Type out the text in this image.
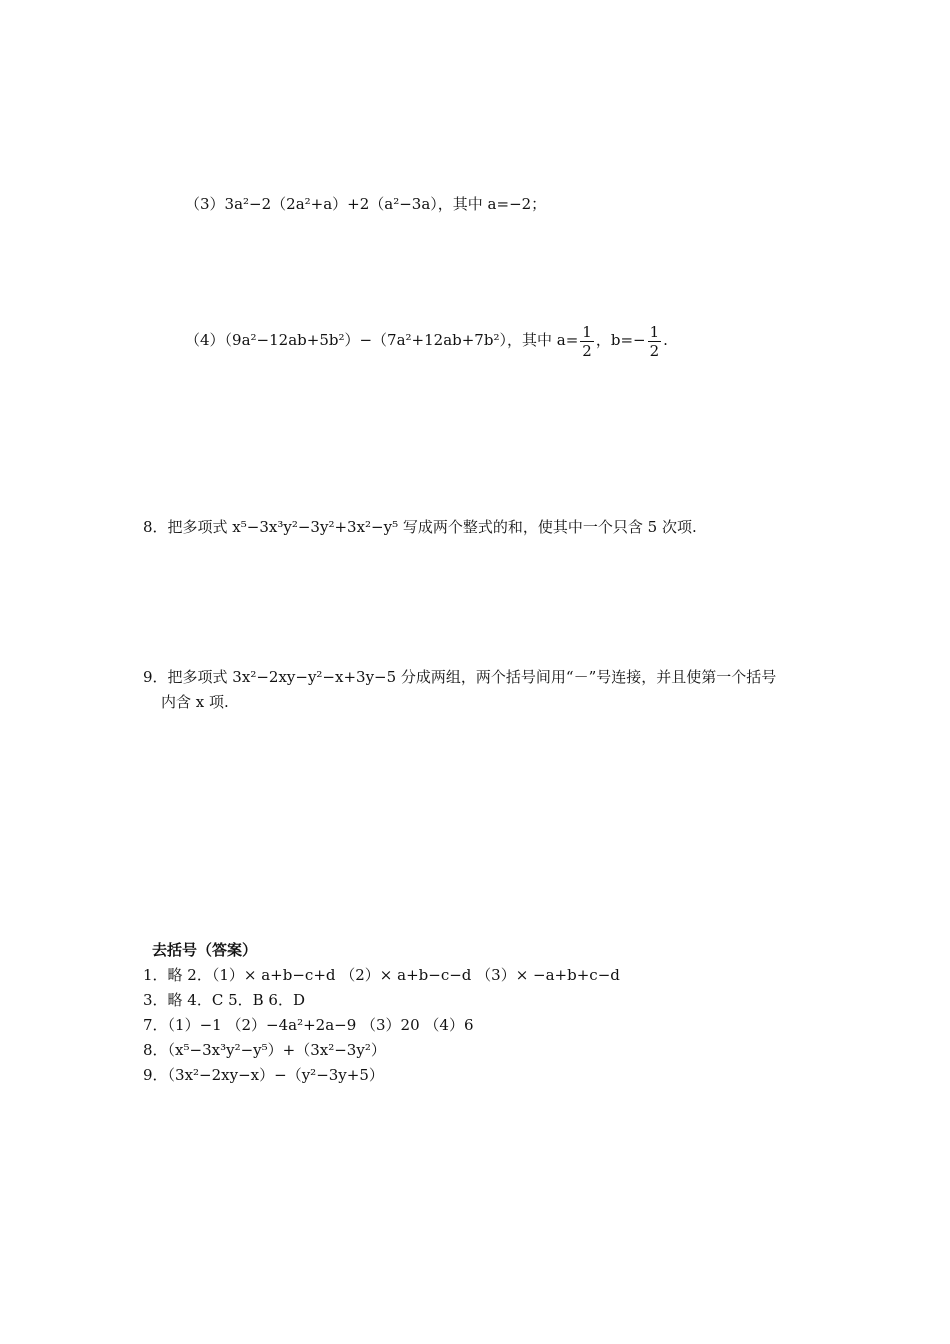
（3）3a²−2（2a²+a）+2（a²−3a），其中 a=−2；
（4）（9a²−12ab+5b²）−（7a²+12ab+7b²），其中 $a= \frac{1}{2}$ ，$b=- \frac{1}{2}$ .
8．把多项式 x⁵−3x³y²−3y²+3x²−y⁵ 写成两个整式的和，使其中一个只含 5 次项.
9．把多项式 3x²−2xy−y²−x+3y−5 分成两组，两个括号间用“－”号连接，并且使第一个括号
内含 x 项.
去括号（答案）
1．略 2．（1）× a+b−c+d （2）× a+b−c−d （3）× −a+b+c−d
3．略 4．C 5．B 6．D
7．（1）−1 （2）−4a²+2a−9 （3）20 （4）6
8．（x⁵−3x³y²−y⁵）+（3x²−3y²）
9．（3x²−2xy−x）−（y²−3y+5）
